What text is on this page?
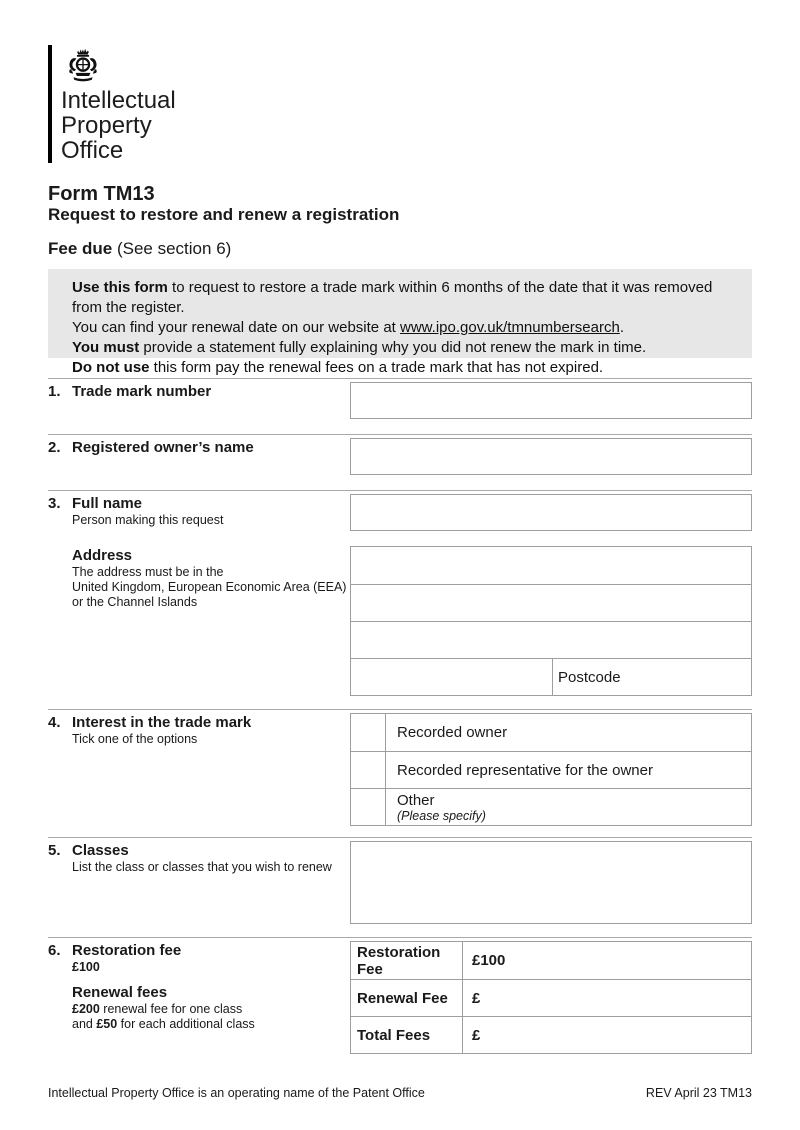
Intellectual
Property
Office
Form TM13
Request to restore and renew a registration

Fee due (See section 6)

Use this form to request to restore a trade mark within 6 months of the date that it was removed from the register.

You can find your renewal date on our website at www.ipo.gov.uk/tmnumbersearch.

You must provide a statement fully explaining why you did not renew the mark in time.

Do not use this form pay the renewal fees on a trade mark that has not expired.

1. Trade mark number
2. Registered owner’s name
3. Full name
Person making this request
Address
The address must be in the
United Kingdom, European Economic Area (EEA)
or the Channel Islands
Postcode
4. Interest in the trade mark
Tick one of the options	Recorded owner
Recorded representative for the owner
Other
(Please specify)
5. Classes
List the class or classes that you wish to renew
6. Restoration fee
£100
Renewal fees
£200 renewal fee for one class
and £50 for each additional class
Restoration Fee	£100
Renewal Fee	£
Total Fees	£
Intellectual Property Office is an operating name of the Patent Office	REV April 23 TM13
